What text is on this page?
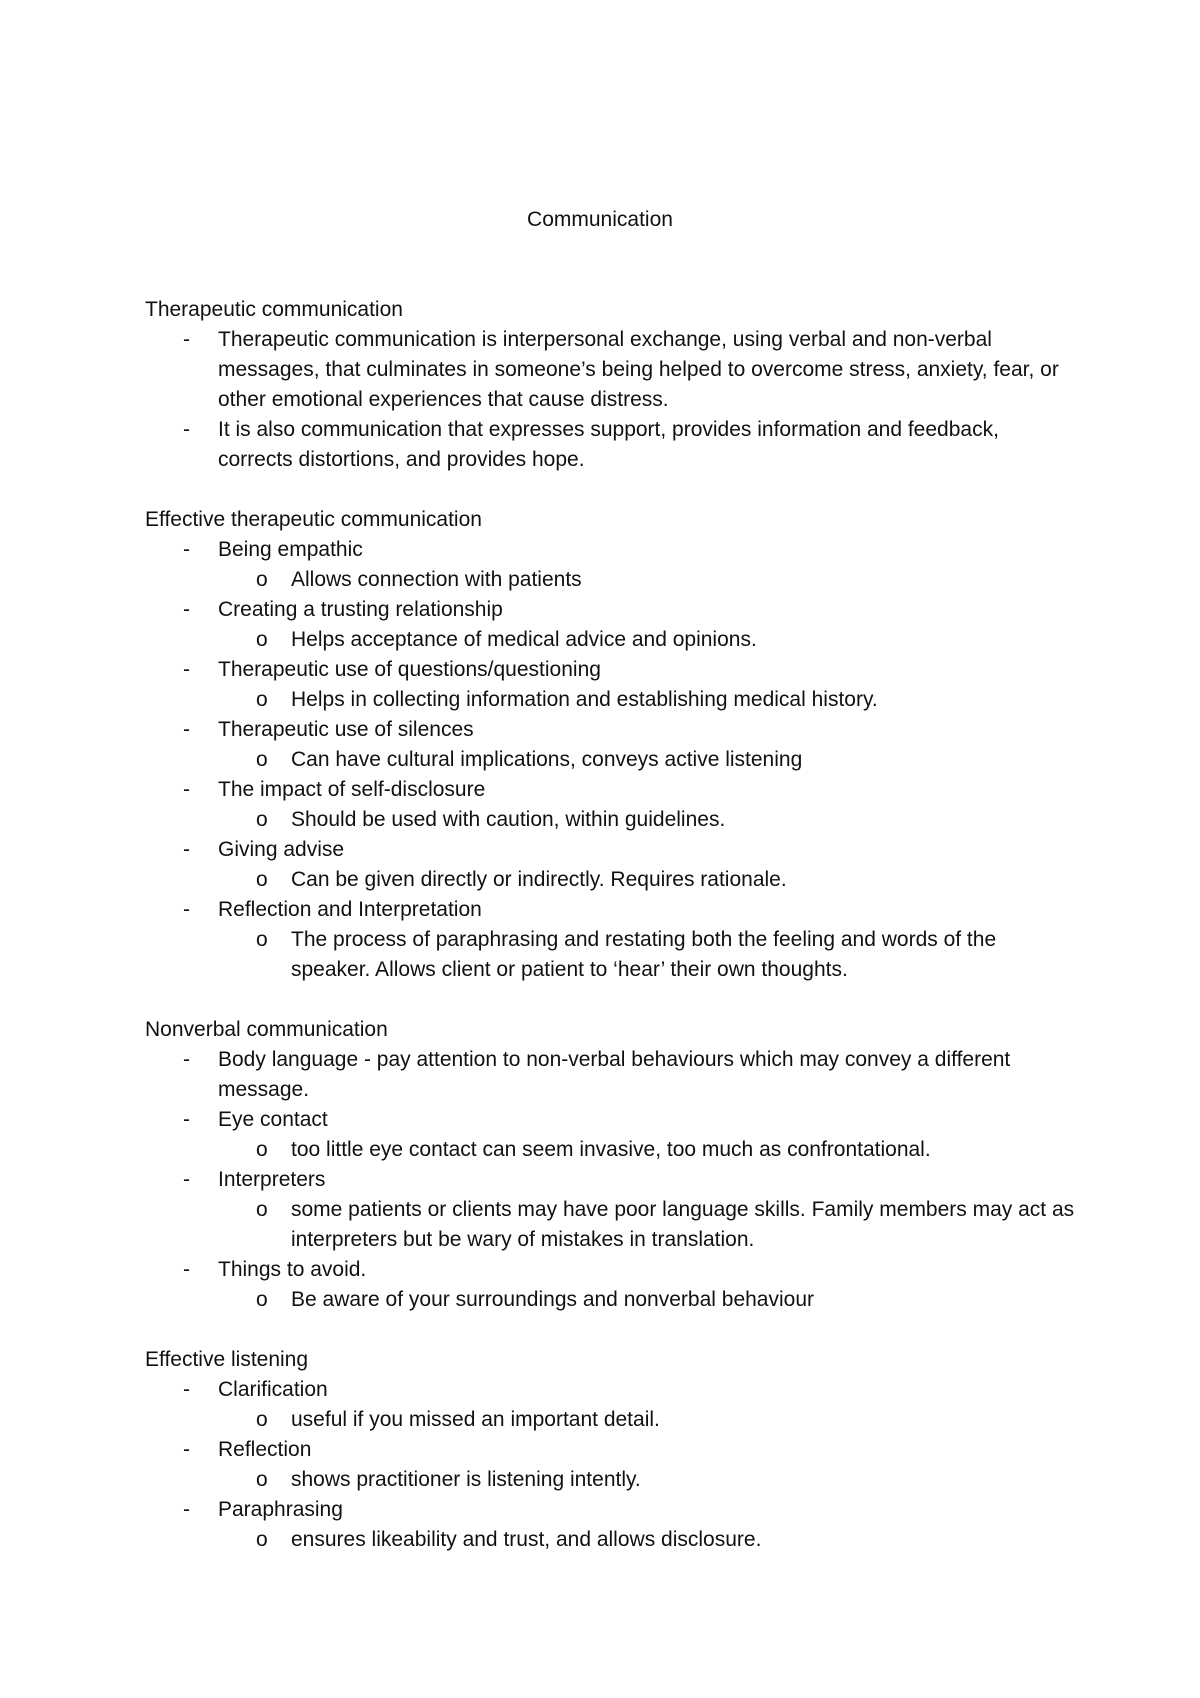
Communication
Therapeutic communication
- Therapeutic communication is interpersonal exchange, using verbal and non-verbal messages, that culminates in someone’s being helped to overcome stress, anxiety, fear, or other emotional experiences that cause distress.
- It is also communication that expresses support, provides information and feedback, corrects distortions, and provides hope.
Effective therapeutic communication
- Being empathic
o Allows connection with patients
- Creating a trusting relationship
o Helps acceptance of medical advice and opinions.
- Therapeutic use of questions/questioning
o Helps in collecting information and establishing medical history.
- Therapeutic use of silences
o Can have cultural implications, conveys active listening
- The impact of self-disclosure
o Should be used with caution, within guidelines.
- Giving advise
o Can be given directly or indirectly. Requires rationale.
- Reflection and Interpretation
o The process of paraphrasing and restating both the feeling and words of the speaker. Allows client or patient to ‘hear’ their own thoughts.
Nonverbal communication
- Body language - pay attention to non-verbal behaviours which may convey a different message.
- Eye contact
o too little eye contact can seem invasive, too much as confrontational.
- Interpreters
o some patients or clients may have poor language skills. Family members may act as interpreters but be wary of mistakes in translation.
- Things to avoid.
o Be aware of your surroundings and nonverbal behaviour
Effective listening
- Clarification
o useful if you missed an important detail.
- Reflection
o shows practitioner is listening intently.
- Paraphrasing
o ensures likeability and trust, and allows disclosure.
